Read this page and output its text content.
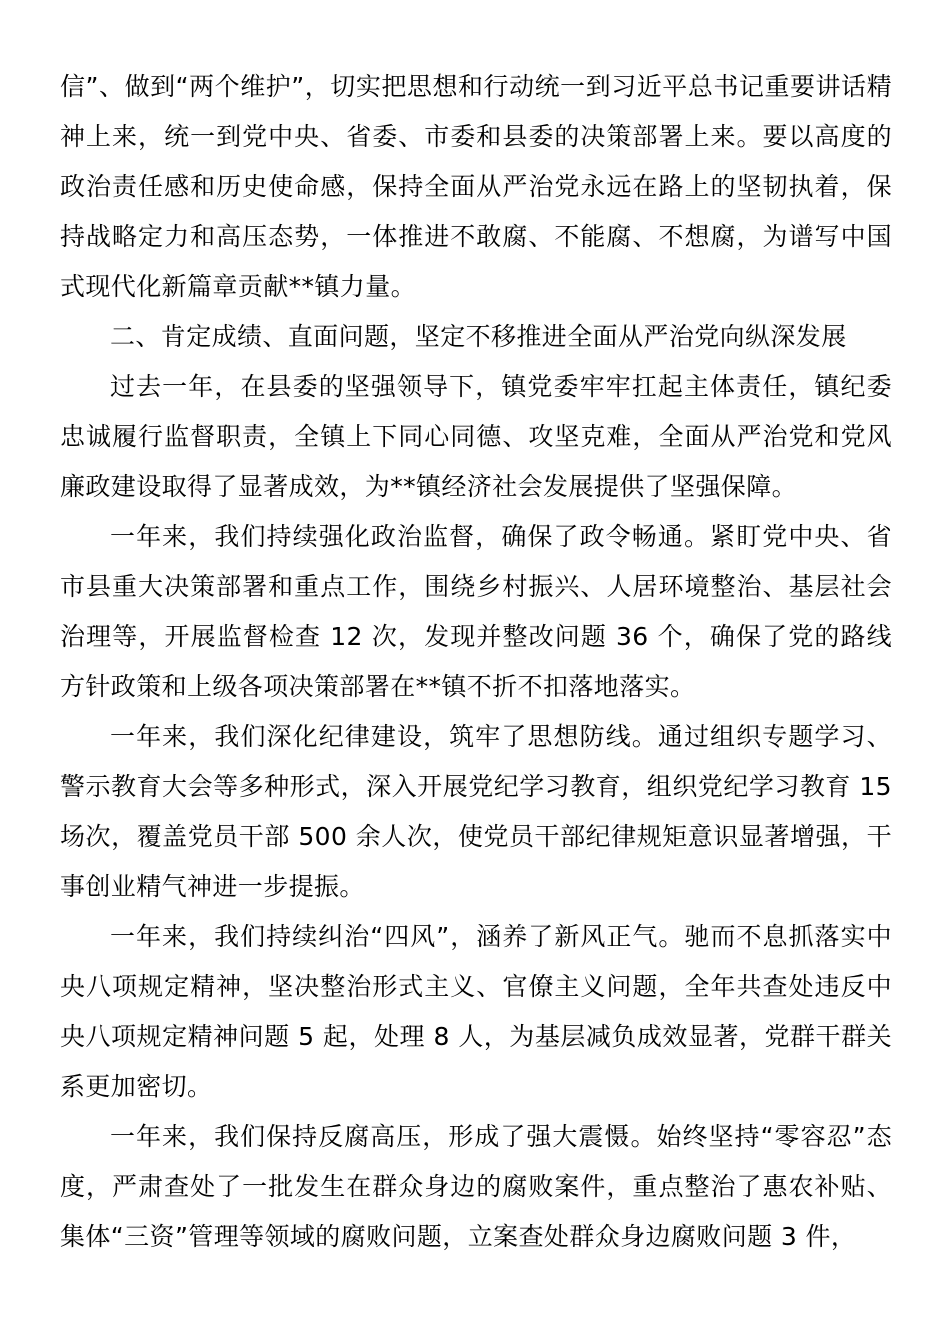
信”、做到“两个维护”，切实把思想和行动统一到习近平总书记重要讲话精神上来，统一到党中央、省委、市委和县委的决策部署上来。要以高度的政治责任感和历史使命感，保持全面从严治党永远在路上的坚韧执着，保持战略定力和高压态势，一体推进不敢腐、不能腐、不想腐，为谱写中国式现代化新篇章贡献**镇力量。

二、肯定成绩、直面问题，坚定不移推进全面从严治党向纵深发展

过去一年，在县委的坚强领导下，镇党委牢牢扛起主体责任，镇纪委忠诚履行监督职责，全镇上下同心同德、攻坚克难，全面从严治党和党风廉政建设取得了显著成效，为**镇经济社会发展提供了坚强保障。

一年来，我们持续强化政治监督，确保了政令畅通。紧盯党中央、省市县重大决策部署和重点工作，围绕乡村振兴、人居环境整治、基层社会治理等，开展监督检查 12 次，发现并整改问题 36 个，确保了党的路线方针政策和上级各项决策部署在**镇不折不扣落地落实。

一年来，我们深化纪律建设，筑牢了思想防线。通过组织专题学习、警示教育大会等多种形式，深入开展党纪学习教育，组织党纪学习教育 15 场次，覆盖党员干部 500 余人次，使党员干部纪律规矩意识显著增强，干事创业精气神进一步提振。

一年来，我们持续纠治“四风”，涵养了新风正气。驰而不息抓落实中央八项规定精神，坚决整治形式主义、官僚主义问题，全年共查处违反中央八项规定精神问题 5 起，处理 8 人，为基层减负成效显著，党群干群关系更加密切。

一年来，我们保持反腐高压，形成了强大震慑。始终坚持“零容忍”态度，严肃查处了一批发生在群众身边的腐败案件，重点整治了惠农补贴、集体“三资”管理等领域的腐败问题，立案查处群众身边腐败问题 3 件，
